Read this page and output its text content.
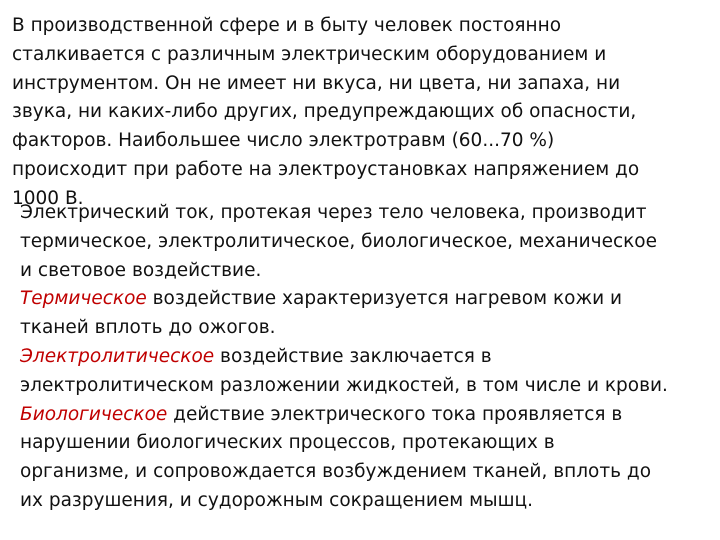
В производственной сфере и в быту человек постоянно
сталкивается с различным электрическим оборудованием и
инструментом. Он не имеет ни вкуса, ни цвета, ни запаха, ни
звука, ни каких-либо других, предупреждающих об опасности,
факторов. Наибольшее число электротравм (60...70 %)
происходит при работе на электроустановках напряжением до
1000 В.
Электрический ток, протекая через тело человека, производит
термическое, электролитическое, биологическое, механическое
и световое воздействие.
Термическое воздействие характеризуется нагревом кожи и
тканей вплоть до ожогов.
Электролитическое воздействие заключается в
электролитическом разложении жидкостей, в том числе и крови.
Биологическое действие электрического тока проявляется в
нарушении биологических процессов, протекающих в
организме, и сопровождается возбуждением тканей, вплоть до
их разрушения, и судорожным сокращением мышц.
